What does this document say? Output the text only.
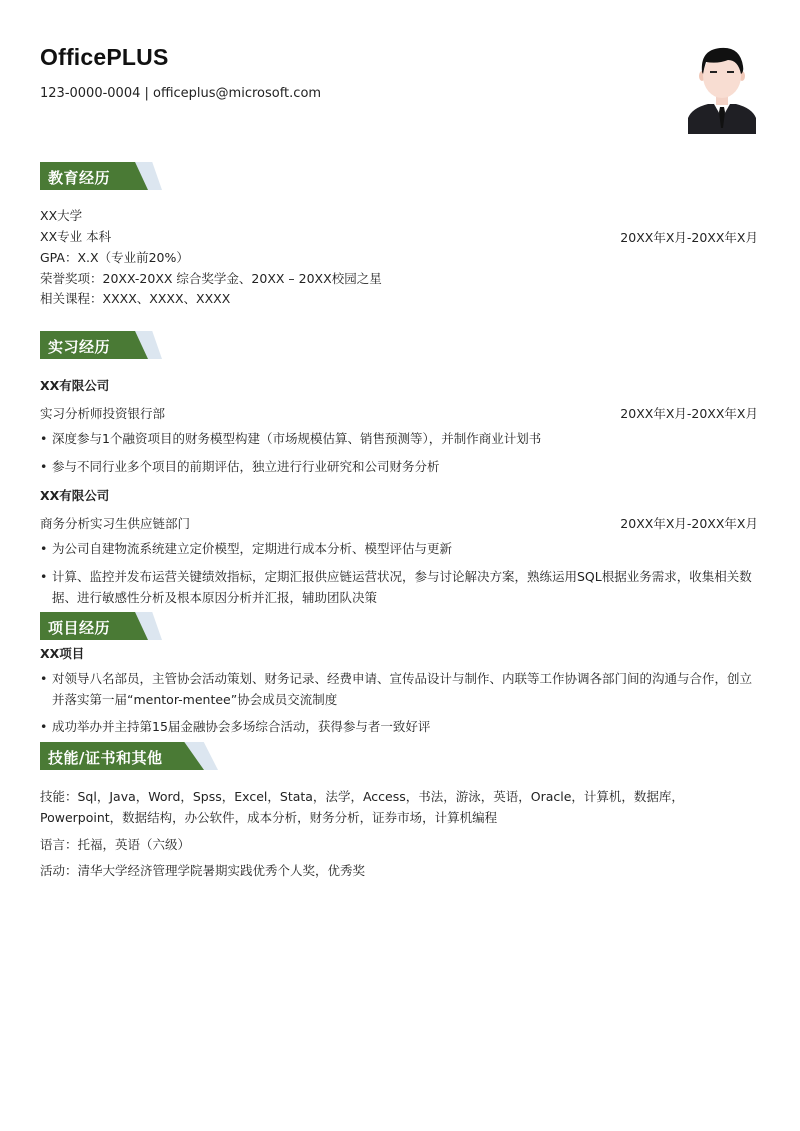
OfficePLUS
123-0000-0004 | officeplus@microsoft.com
教育经历
XX大学
XX专业 本科	20XX年X月-20XX年X月
GPA：X.X（专业前20%）
荣誉奖项：20XX-20XX 综合奖学金、20XX – 20XX校园之星
相关课程：XXXX、XXXX、XXXX
实习经历
XX有限公司
实习分析师投资银行部	20XX年X月-20XX年X月
• 深度参与1个融资项目的财务模型构建（市场规模估算、销售预测等），并制作商业计划书
• 参与不同行业多个项目的前期评估，独立进行行业研究和公司财务分析
XX有限公司
商务分析实习生供应链部门	20XX年X月-20XX年X月
• 为公司自建物流系统建立定价模型，定期进行成本分析、模型评估与更新
• 计算、监控并发布运营关键绩效指标，定期汇报供应链运营状况，参与讨论解决方案，熟练运用SQL根据业务需求，收集相关数据、进行敏感性分析及根本原因分析并汇报，辅助团队决策
项目经历
XX项目
• 对领导八名部员，主管协会活动策划、财务记录、经费申请、宣传品设计与制作、内联等工作协调各部门间的沟通与合作，创立并落实第一届“mentor-mentee”协会成员交流制度
• 成功举办并主持第15届金融协会多场综合活动，获得参与者一致好评
技能/证书和其他
技能：Sql，Java，Word，Spss，Excel，Stata，法学，Access，书法，游泳，英语，Oracle，计算机，数据库，Powerpoint，数据结构，办公软件，成本分析，财务分析，证券市场，计算机编程
语言：托福，英语（六级）
活动：清华大学经济管理学院暑期实践优秀个人奖，优秀奖
